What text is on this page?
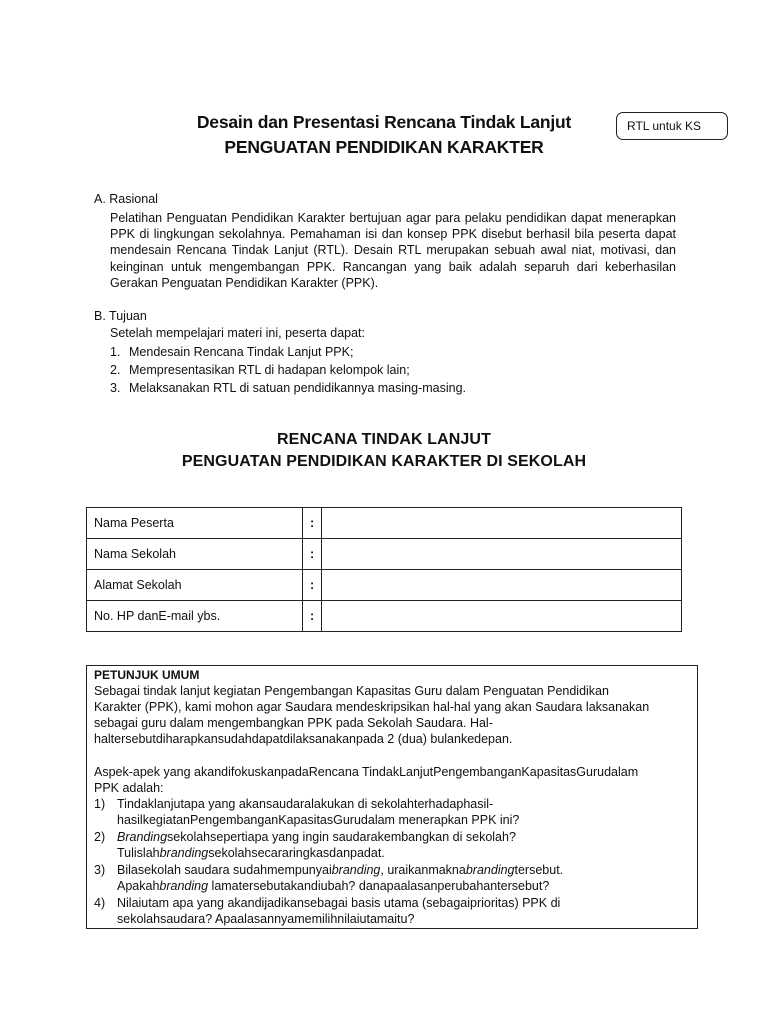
Desain dan Presentasi Rencana Tindak Lanjut
PENGUATAN PENDIDIKAN KARAKTER
RTL untuk KS
A. Rasional
Pelatihan Penguatan Pendidikan Karakter bertujuan agar para pelaku pendidikan dapat menerapkan PPK di lingkungan sekolahnya. Pemahaman isi dan konsep PPK disebut berhasil bila peserta dapat mendesain Rencana Tindak Lanjut (RTL). Desain RTL merupakan sebuah awal niat, motivasi, dan keinginan untuk mengembangan PPK. Rancangan yang baik adalah separuh dari keberhasilan Gerakan Penguatan Pendidikan Karakter (PPK).
B. Tujuan
Setelah mempelajari materi ini, peserta dapat:
1. Mendesain Rencana Tindak Lanjut PPK;
2. Mempresentasikan RTL di hadapan kelompok lain;
3. Melaksanakan RTL di satuan pendidikannya masing-masing.
RENCANA TINDAK LANJUT
PENGUATAN PENDIDIKAN KARAKTER DI SEKOLAH
Nama Peserta	:	
Nama Sekolah	:	
Alamat Sekolah	:	
No. HP danE-mail ybs.	:	
PETUNJUK UMUM
Sebagai tindak lanjut kegiatan Pengembangan Kapasitas Guru dalam Penguatan Pendidikan
Karakter (PPK), kami mohon agar Saudara mendeskripsikan hal-hal yang akan Saudara laksanakan
sebagai guru dalam mengembangkan PPK pada Sekolah Saudara. Hal-
haltersebutdiharapkansudahdapatdilaksanakanpada 2 (dua) bulankedepan.
Aspek-apek yang akandifokuskanpadaRencana TindakLanjutPengembanganKapasitasGurudalam
PPK adalah:
1) Tindaklanjutapa yang akansaudaralakukan di sekolahterhadaphasil-
hasilkegiatanPengembanganKapasitasGurudalam menerapkan PPK ini?
2) Brandingsekolahsepertiapa yang ingin saudarakembangkan di sekolah?
Tulislahbrandingsekolahsecararingkasdanpadat.
3) Bilasekolah saudara sudahmempunyaibranding, uraikanmaknabrandingtersebut.
Apakahbranding lamatersebutakandiubah? danapaalasanperubahantersebut?
4) Nilaiutam apa yang akandijadikansebagai basis utama (sebagaiprioritas) PPK di
sekolahsaudara? Apaalasannyamemilihnilaiutamaitu?
